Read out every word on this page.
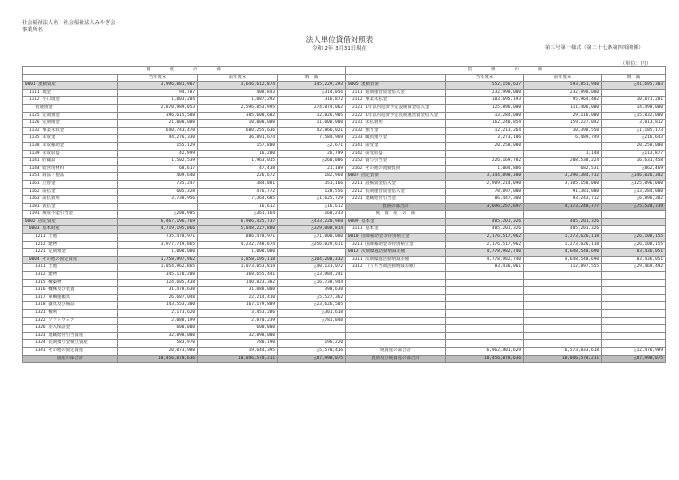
社会福祉法人名　社会福祉法人みやぎ会
事業所名
第三号第一様式（第二十七条第四項関係）
法人単位貸借対照表
令和 2年 3月31日現在
（単位：円）
資 産 の 部			
	当年度末	前年度末	増　減
0001 流動資産	3,996,881,987	3,646,612,874	345,229,293
1111 現金	94,787	408,843	△314,056
1112 小口現金	1,003,204	1,087,292	316,872
普通預金	2,870,989,053	2,596,853,995	274,074,062
1125 定期預金	396,615,588	385,608,682	12,026,905
1126 定期積金	21,000,000	10,000,000	11,000,000
1132 事業未収金	640,743,470	600,255,636	42,866,021
1135 未収金	44,276,330	36,891,674	7,584,969
1138 未収補助金	155,129	157,800	△2,671
1139 未収収益	42,999	16,200	26,799
1141 貯蔵品	1,502,539	1,963,015	△260,006
1144 給食用材料	68,617	47,438	21,189
1151 商品・製品	409,640	226,672	182,968
1161 立替金	735,247	384,081	351,166
1162 前払金	605,328	476,772	128,556
1163 前払費用	3,738,956	7,364,685	△1,625,729
1181 仮払金		16,612	△16,612
1191 徴収不能引当金	△200,905	△361,164	160,233
0002 固定資産	6,467,196,769	6,906,425,737	△433,228,968
0003 基本財産	4,719,195,066	5,048,227,880	△329,008,814
1211 土地	735,478,971	806,478,971	△71,000,000
1212 建物	3,977,719,065	4,232,748,674	△256,029,611
1221 定期預金	1,000,000	1,000,000	
0004 その他の固定資産	1,758,997,962	1,858,195,118	△104,200,332
1311 土地	1,054,962,865	1,073,053,814	△40,131,072
1312 建物	345,170,200	368,655,441	△13,984,241
1315 構築物	124,685,438	140,823,382	△16,738,944
1316 機械及び装置	31,478,630	31,088,000	390,630
1317 車輌運搬具	26,687,048	22,214,410	△5,527,362
1318 器具及び備品	143,553,300	167,179,889	△23,626,505
1321 権利	2,173,620	3,453,286	△301,618
1322 ソフトウェア	2,088,199	2,870,239	△781,040
1326 差入保証金	600,000	600,000	
1323 退職給付引当資産	32,898,000	32,898,000	
1324 長期預り金積立資産	583,970	780,190	196,220
1341 その他の固定資産	20,073,980	19,644,395	△5,570,416
資産の部合計	10,456,078,636	10,046,578,211	△87,998,075
負 債 の 部			
	当年度末	前年度末	増　減
0005 流動負債	552,156,637	593,851,940	△41,695,303
2111 短期運営資金借入金	232,990,000	232,990,000	
2112 事業未払金	103,695,193	95,964,482	10,871,201
2121 1年以内返済予定設備資金借入金	125,896,000	111,406,000	14,490,000
2122 1年以内返済予定長期運営資金借入金	13,284,000	29,116,000	△15,832,000
2131 未払費用	162,240,854	159,227,042	3,013,812
2132 預り金	12,213,264	10,398,550	△1,185,173
2133 職員預り金	3,273,106	6,489,749	△216,643
2141 前受金	20,250,000		20,250,000
2142 前受収益		1,148	△113,877
2152 賞与引当金	226,169,782	208,538,224	16,631,458
2162 その他の流動負債	1,004,806	682,531	△862,469
0007 固定負債	3,144,098,380	3,290,384,732	△146,026,382
2211 設備資金借入金	2,989,214,090	3,105,150,000	△125,896,000
2212 長期運営資金借入金	78,097,000	91,381,000	△13,284,000
2221 退職給付引当金	86,447,300	93,243,712	△6,896,382
負債の部合計	3,696,257,697	4,173,248,777	△75,528,739
純　資　産　の　部			
0009 基本金	405,201,326	405,201,326	
3111 基本金	405,201,326	405,201,326	
0010 国庫補助金等特別積立金	2,176,517,962	1,273,626,118	△26,108,155
3211 国庫補助金等特別積立金	2,176,517,962	1,273,626,118	△26,108,155
0012 次期繰越活動増減差額	4,778,982,740	4,648,548,690	83,436,051
3311 次期繰越活動増減差額	4,778,982,740	4,648,548,690	83,436,051
3312 （うち当期活動増減差額）	83,436,061	112,897,555	△29,469,492

純資産の部合計	6,962,901,629	6,573,833,618	△12,476,989
負債及び純資産の部合計	10,456,078,636	10,046,578,211	△87,998,075
